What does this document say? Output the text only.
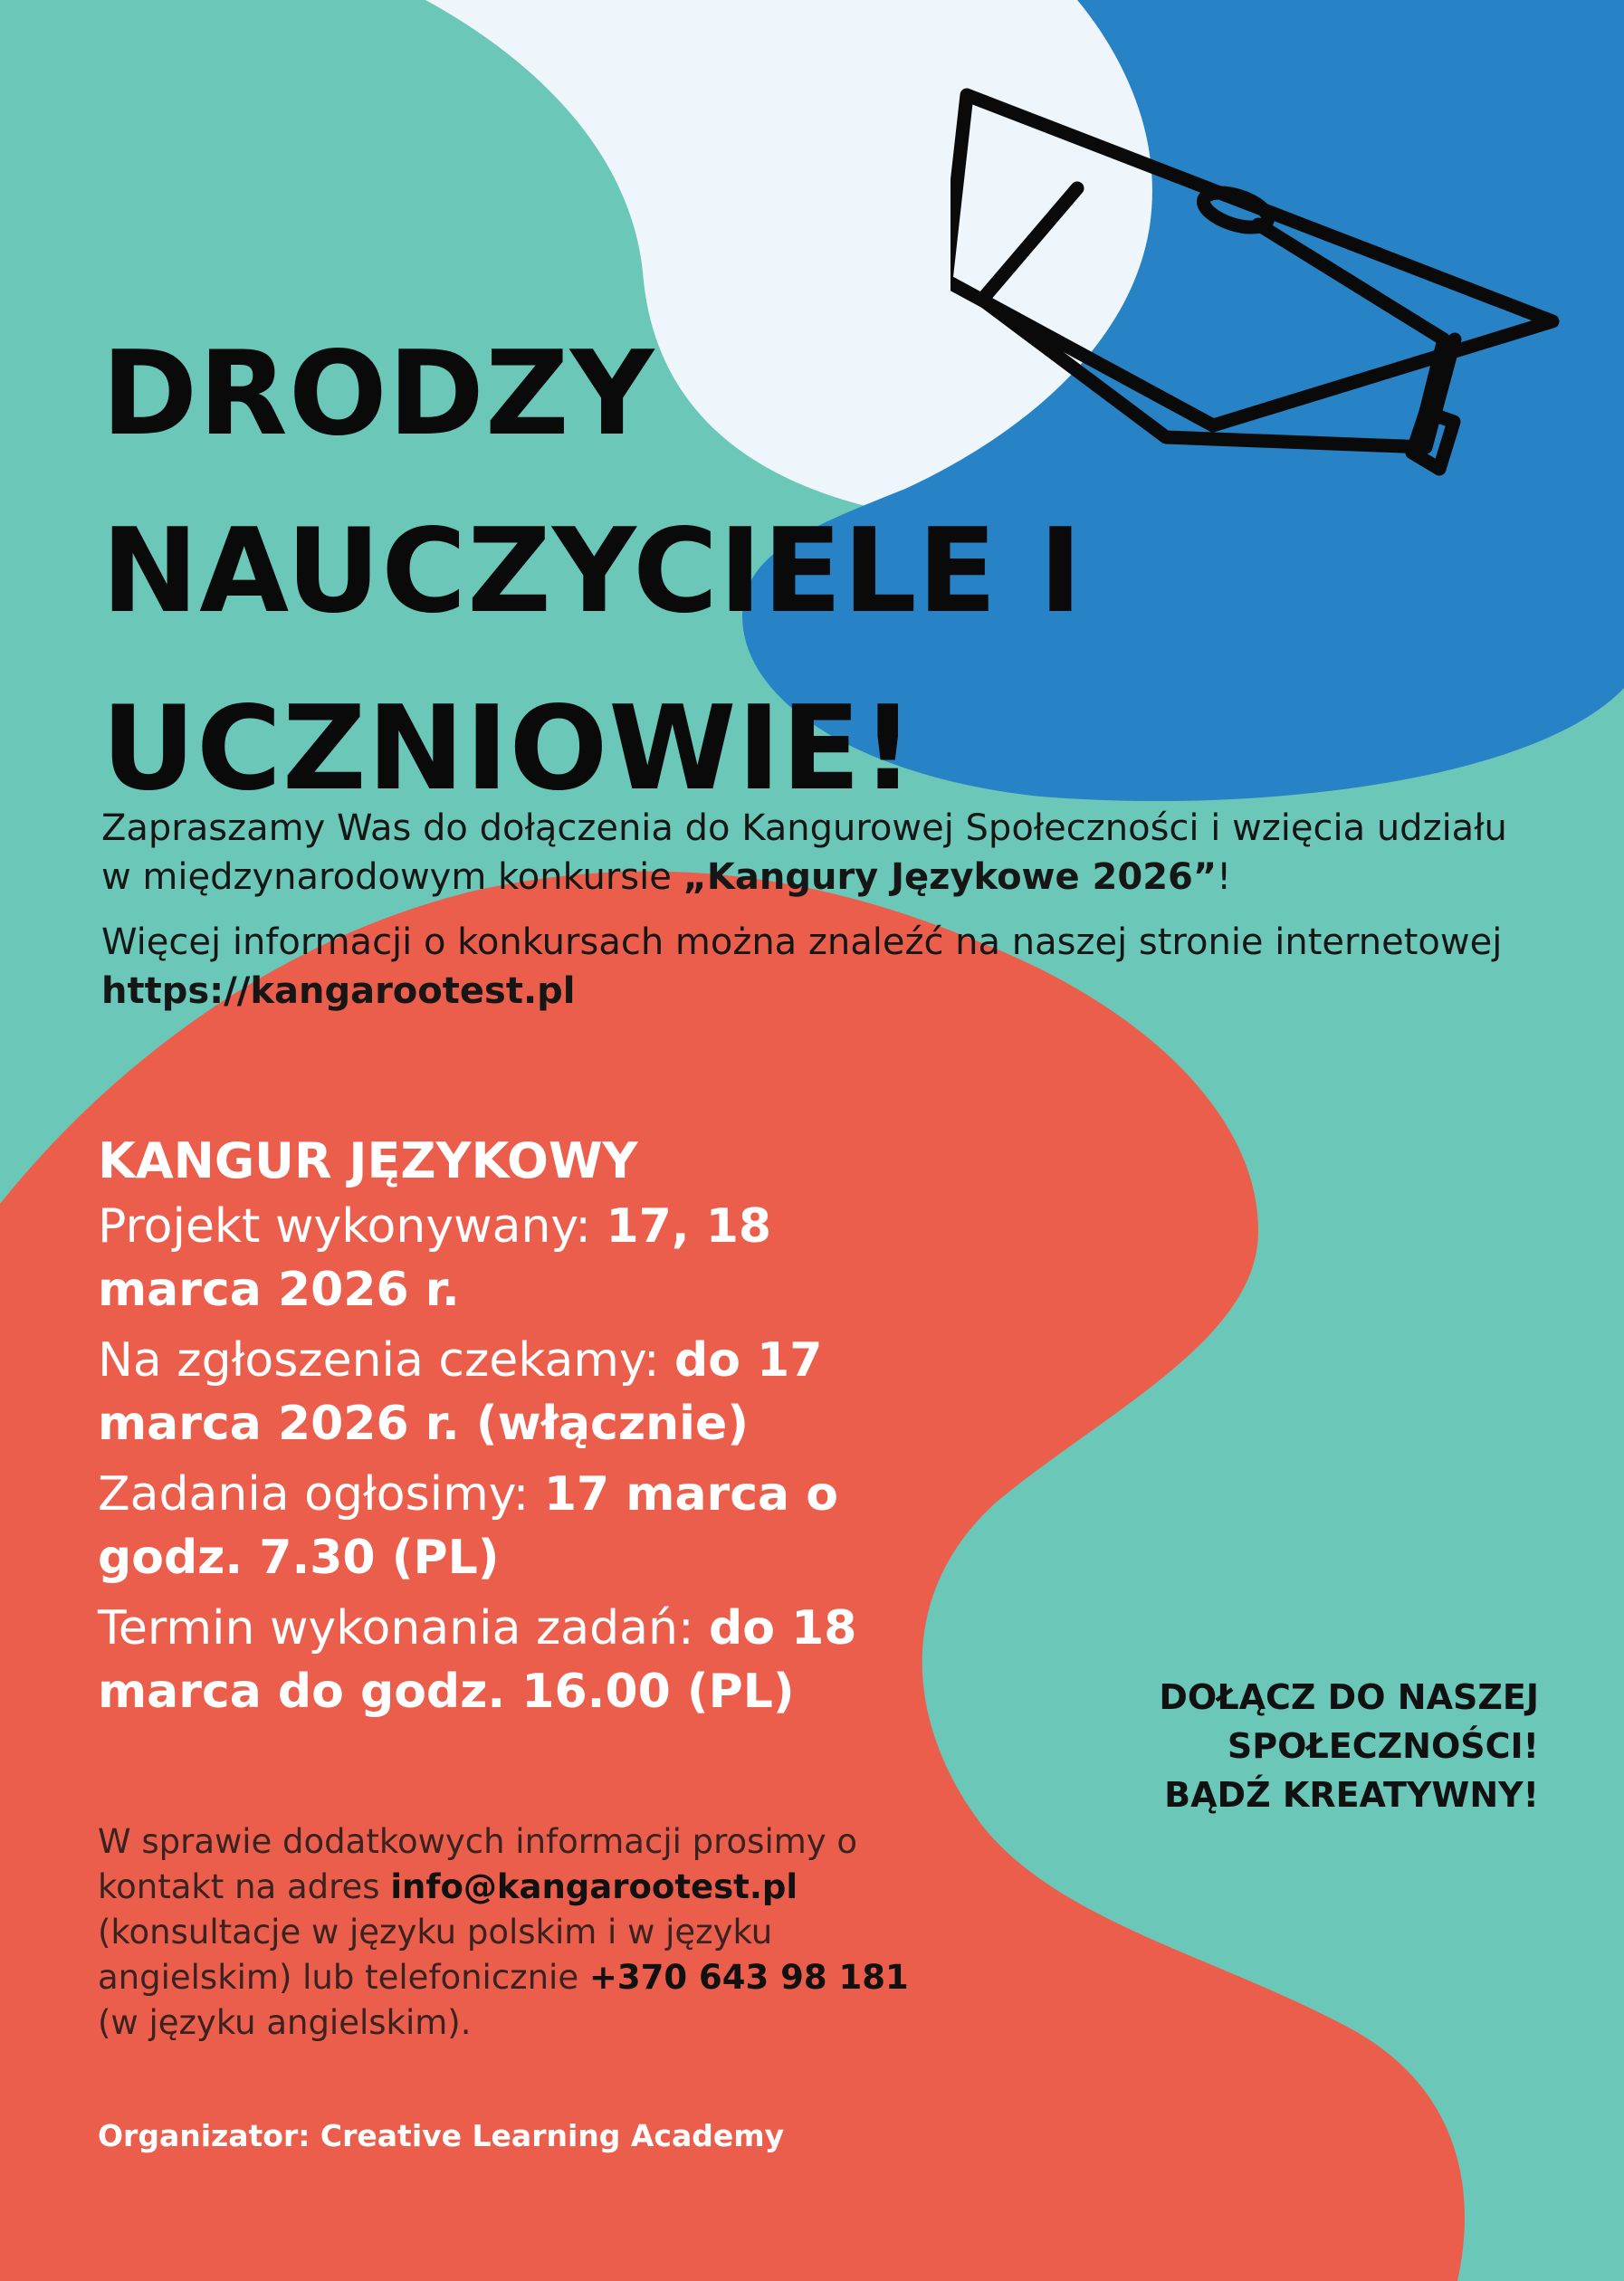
DRODZY
NAUCZYCIELE I
UCZNIOWIE!

Zapraszamy Was do dołączenia do Kangurowej Społeczności i wzięcia udziału w międzynarodowym konkursie „Kangury Językowe 2026”!

Więcej informacji o konkursach można znaleźć na naszej stronie internetowej https://kangarootest.pl

KANGUR JĘZYKOWY

Projekt wykonywany: 17, 18 marca 2026 r.

Na zgłoszenia czekamy: do 17 marca 2026 r. (włącznie)

Zadania ogłosimy: 17 marca o godz. 7.30 (PL)

Termin wykonania zadań: do 18 marca do godz. 16.00 (PL)	DOŁĄCZ DO NASZEJ
SPOŁECZNOŚCI!
BĄDŹ KREATYWNY!
W sprawie dodatkowych informacji prosimy o kontakt na adres info@kangarootest.pl (konsultacje w języku polskim i w języku angielskim) lub telefonicznie +370 643 98 181 (w języku angielskim).
Organizator: Creative Learning Academy
